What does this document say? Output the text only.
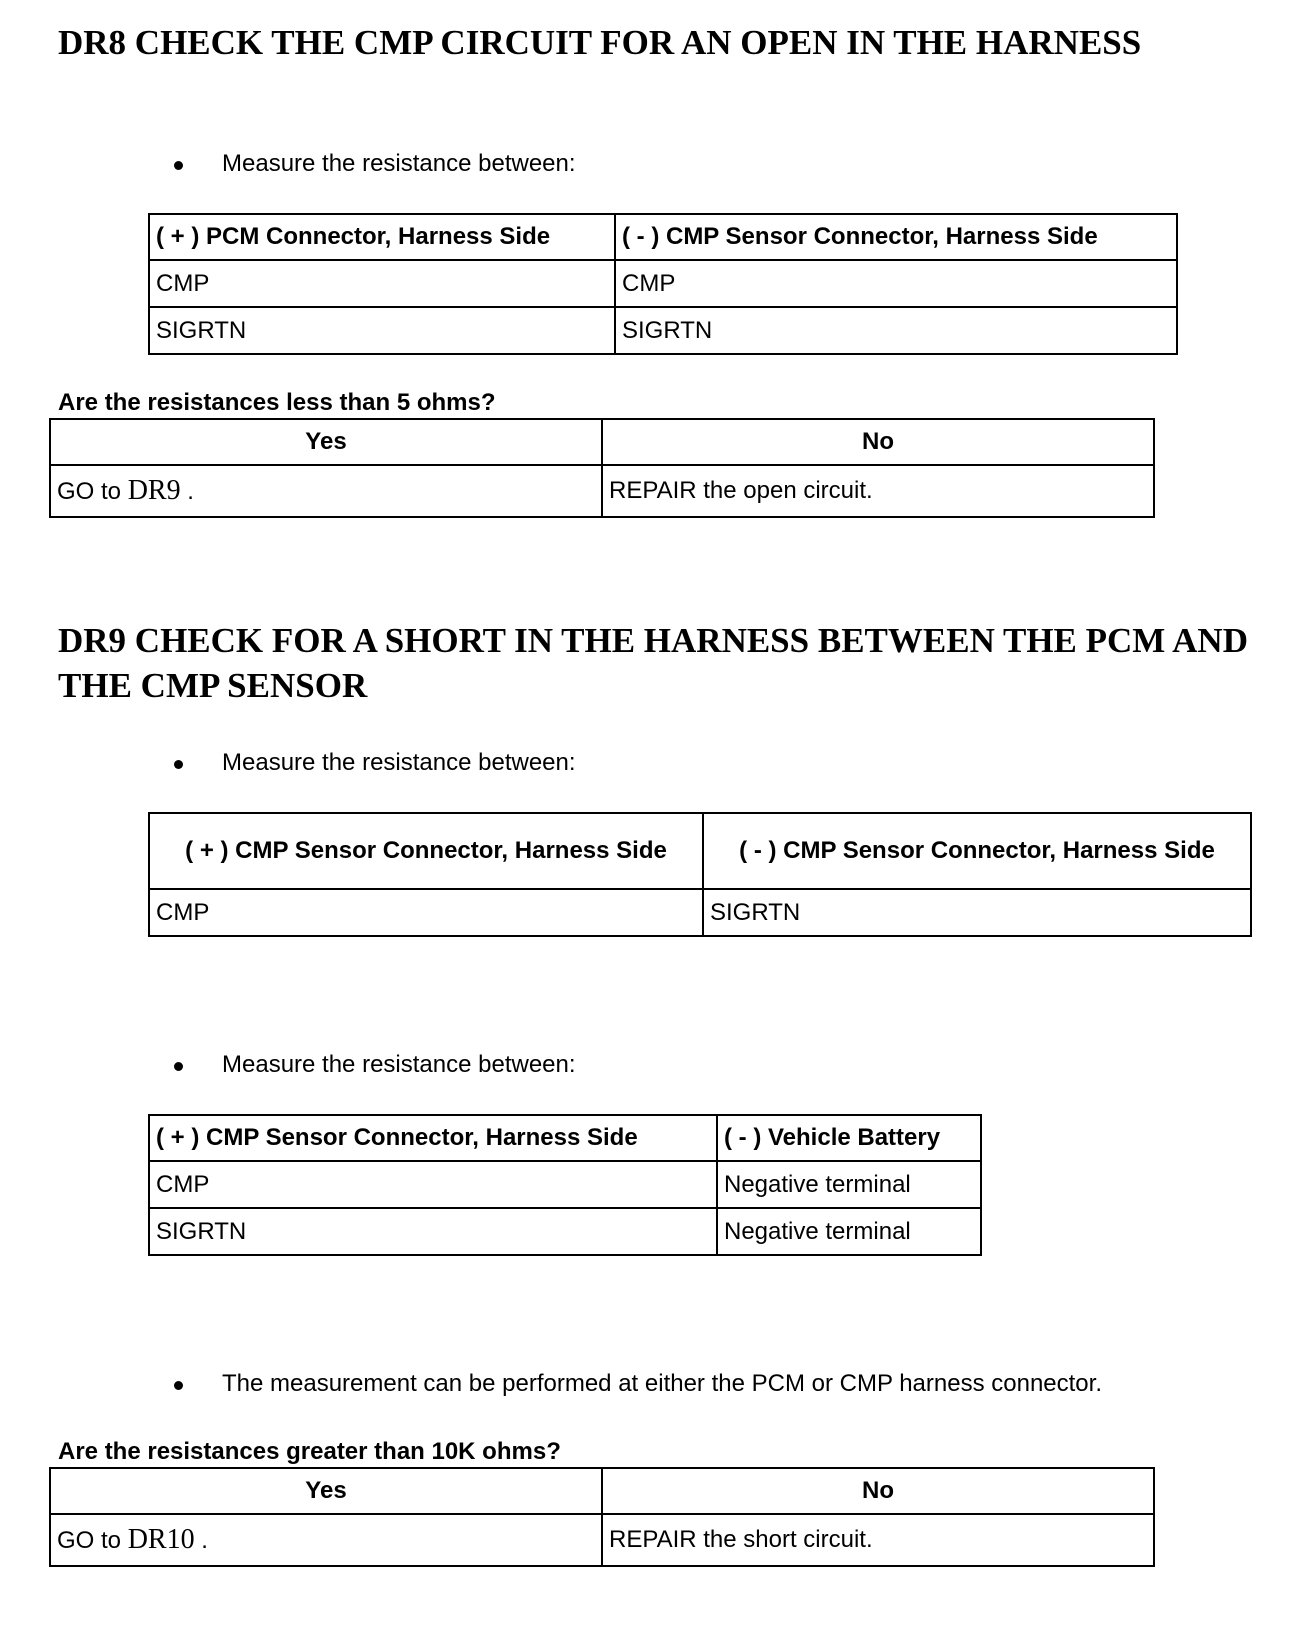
DR8 CHECK THE CMP CIRCUIT FOR AN OPEN IN THE HARNESS
Measure the resistance between:
( + ) PCM Connector, Harness Side	( - ) CMP Sensor Connector, Harness Side
CMP	CMP
SIGRTN	SIGRTN

Are the resistances less than 5 ohms?

Yes	No
GO to DR9 .	REPAIR the open circuit.
DR9 CHECK FOR A SHORT IN THE HARNESS BETWEEN THE PCM AND THE CMP SENSOR
Measure the resistance between:
( + ) CMP Sensor Connector, Harness Side	( - ) CMP Sensor Connector, Harness Side
CMP	SIGRTN
Measure the resistance between:
( + ) CMP Sensor Connector, Harness Side	( - ) Vehicle Battery
CMP	Negative terminal
SIGRTN	Negative terminal
The measurement can be performed at either the PCM or CMP harness connector.

Are the resistances greater than 10K ohms?

Yes	No
GO to DR10 .	REPAIR the short circuit.
